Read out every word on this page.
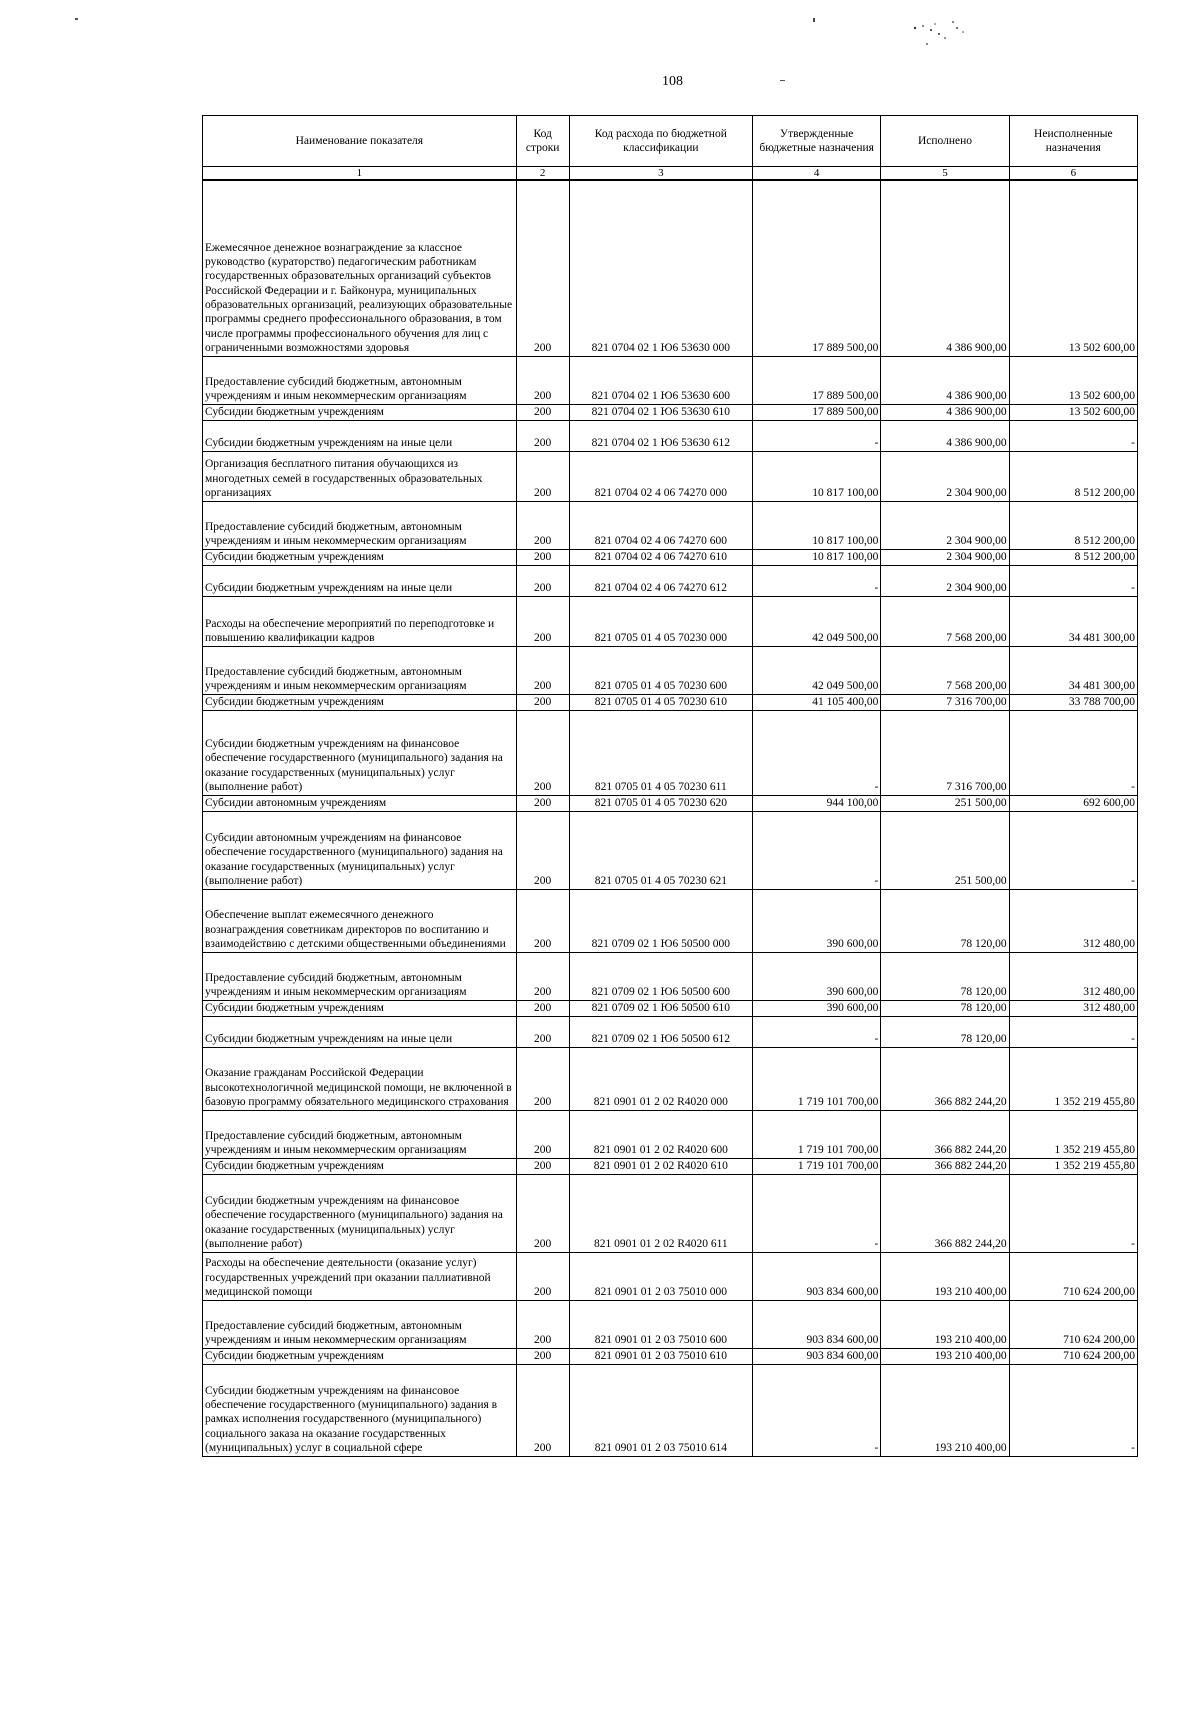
108
Наименование показателя	Код строки	Код расхода по бюджетной классификации	Утвержденные бюджетные назначения	Исполнено	Неисполненные назначения
1	2	3	4	5	6
Ежемесячное денежное вознаграждение за классное руководство (кураторство) педагогическим работникам государственных образовательных организаций субъектов Российской Федерации и г. Байконура, муниципальных образовательных организаций, реализующих образовательные программы среднего профессионального образования, в том числе программы профессионального обучения для лиц с ограниченными возможностями здоровья	200	821 0704 02 1 Ю6 53630 000	17 889 500,00	4 386 900,00	13 502 600,00
Предоставление субсидий бюджетным, автономным учреждениям и иным некоммерческим организациям	200	821 0704 02 1 Ю6 53630 600	17 889 500,00	4 386 900,00	13 502 600,00
Субсидии бюджетным учреждениям	200	821 0704 02 1 Ю6 53630 610	17 889 500,00	4 386 900,00	13 502 600,00
Субсидии бюджетным учреждениям на иные цели	200	821 0704 02 1 Ю6 53630 612	-	4 386 900,00	-
Организация бесплатного питания обучающихся из многодетных семей в государственных образовательных организациях	200	821 0704 02 4 06 74270 000	10 817 100,00	2 304 900,00	8 512 200,00
Предоставление субсидий бюджетным, автономным учреждениям и иным некоммерческим организациям	200	821 0704 02 4 06 74270 600	10 817 100,00	2 304 900,00	8 512 200,00
Субсидии бюджетным учреждениям	200	821 0704 02 4 06 74270 610	10 817 100,00	2 304 900,00	8 512 200,00
Субсидии бюджетным учреждениям на иные цели	200	821 0704 02 4 06 74270 612	-	2 304 900,00	-
Расходы на обеспечение мероприятий по переподготовке и повышению квалификации кадров	200	821 0705 01 4 05 70230 000	42 049 500,00	7 568 200,00	34 481 300,00
Предоставление субсидий бюджетным, автономным учреждениям и иным некоммерческим организациям	200	821 0705 01 4 05 70230 600	42 049 500,00	7 568 200,00	34 481 300,00
Субсидии бюджетным учреждениям	200	821 0705 01 4 05 70230 610	41 105 400,00	7 316 700,00	33 788 700,00
Субсидии бюджетным учреждениям на финансовое обеспечение государственного (муниципального) задания на оказание государственных (муниципальных) услуг (выполнение работ)	200	821 0705 01 4 05 70230 611	-	7 316 700,00	-
Субсидии автономным учреждениям	200	821 0705 01 4 05 70230 620	944 100,00	251 500,00	692 600,00
Субсидии автономным учреждениям на финансовое обеспечение государственного (муниципального) задания на оказание государственных (муниципальных) услуг (выполнение работ)	200	821 0705 01 4 05 70230 621	-	251 500,00	-
Обеспечение выплат ежемесячного денежного вознаграждения советникам директоров по воспитанию и взаимодействию с детскими общественными объединениями	200	821 0709 02 1 Ю6 50500 000	390 600,00	78 120,00	312 480,00
Предоставление субсидий бюджетным, автономным учреждениям и иным некоммерческим организациям	200	821 0709 02 1 Ю6 50500 600	390 600,00	78 120,00	312 480,00
Субсидии бюджетным учреждениям	200	821 0709 02 1 Ю6 50500 610	390 600,00	78 120,00	312 480,00
Субсидии бюджетным учреждениям на иные цели	200	821 0709 02 1 Ю6 50500 612	-	78 120,00	-
Оказание гражданам Российской Федерации высокотехнологичной медицинской помощи, не включенной в базовую программу обязательного медицинского страхования	200	821 0901 01 2 02 R4020 000	1 719 101 700,00	366 882 244,20	1 352 219 455,80
Предоставление субсидий бюджетным, автономным учреждениям и иным некоммерческим организациям	200	821 0901 01 2 02 R4020 600	1 719 101 700,00	366 882 244,20	1 352 219 455,80
Субсидии бюджетным учреждениям	200	821 0901 01 2 02 R4020 610	1 719 101 700,00	366 882 244,20	1 352 219 455,80
Субсидии бюджетным учреждениям на финансовое обеспечение государственного (муниципального) задания на оказание государственных (муниципальных) услуг (выполнение работ)	200	821 0901 01 2 02 R4020 611	-	366 882 244,20	-
Расходы на обеспечение деятельности (оказание услуг) государственных учреждений при оказании паллиативной медицинской помощи	200	821 0901 01 2 03 75010 000	903 834 600,00	193 210 400,00	710 624 200,00
Предоставление субсидий бюджетным, автономным учреждениям и иным некоммерческим организациям	200	821 0901 01 2 03 75010 600	903 834 600,00	193 210 400,00	710 624 200,00
Субсидии бюджетным учреждениям	200	821 0901 01 2 03 75010 610	903 834 600,00	193 210 400,00	710 624 200,00
Субсидии бюджетным учреждениям на финансовое обеспечение государственного (муниципального) задания в рамках исполнения государственного (муниципального) социального заказа на оказание государственных (муниципальных) услуг в социальной сфере	200	821 0901 01 2 03 75010 614	-	193 210 400,00	-
